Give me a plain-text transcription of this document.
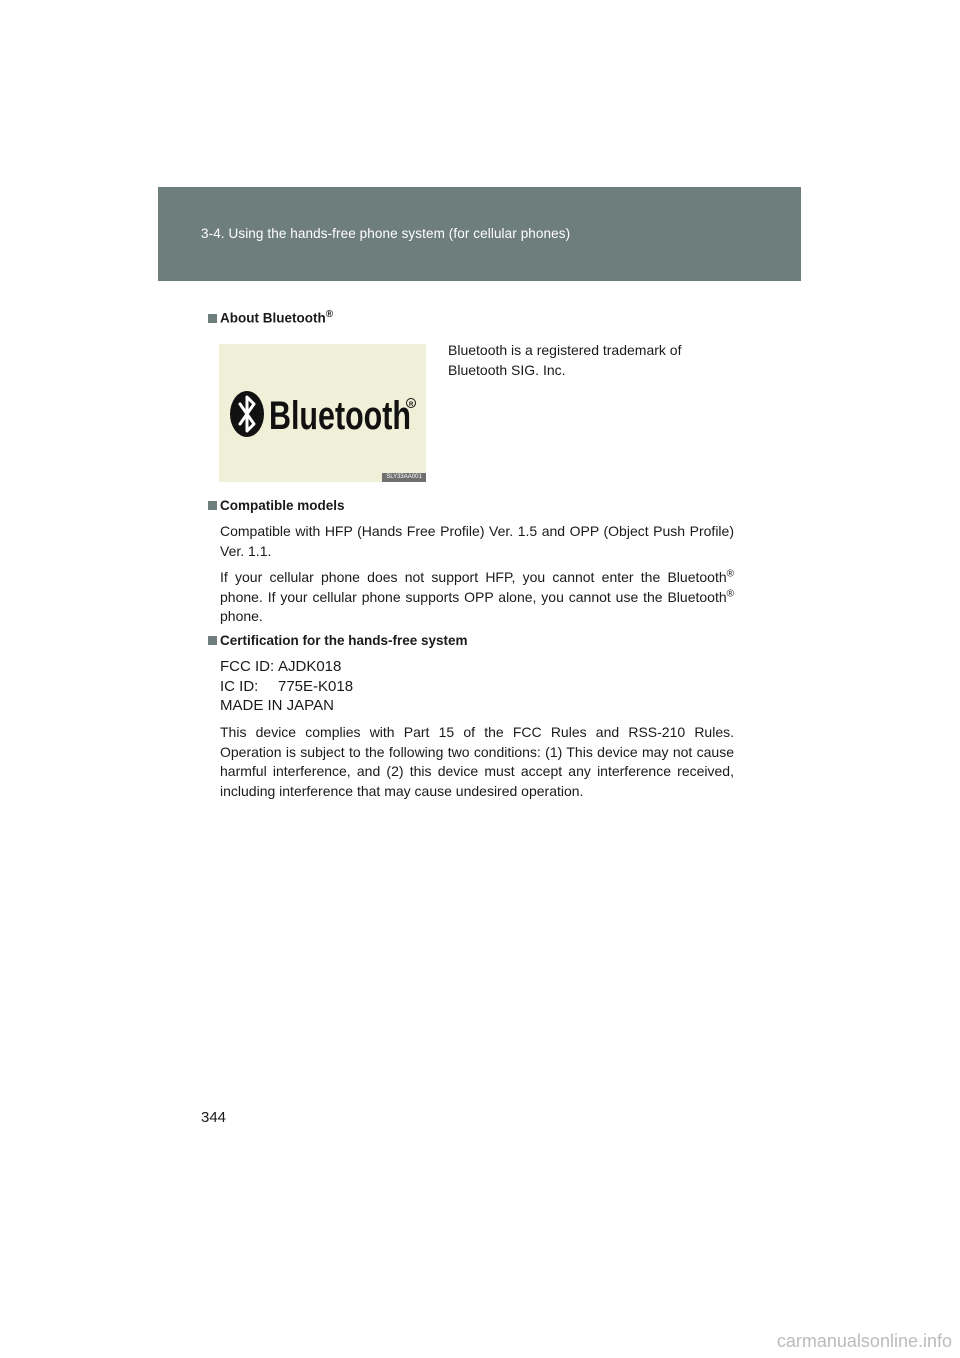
3-4. Using the hands-free phone system (for cellular phones)
About Bluetooth®
Bluetooth
R
SLY33AA001
Bluetooth is a registered trademark of
Bluetooth SIG. Inc.
Compatible models
Compatible with HFP (Hands Free Profile) Ver. 1.5 and OPP (Object Push Profile) Ver. 1.1.
If your cellular phone does not support HFP, you cannot enter the Bluetooth® phone. If your cellular phone supports OPP alone, you cannot use the Bluetooth® phone.
Certification for the hands-free system
FCC ID: AJDK018
IC ID: 775E-K018
MADE IN JAPAN
This device complies with Part 15 of the FCC Rules and RSS-210 Rules. Operation is subject to the following two conditions: (1) This device may not cause harmful interference, and (2) this device must accept any interference received, including interference that may cause undesired operation.
344
carmanualsonline.info
